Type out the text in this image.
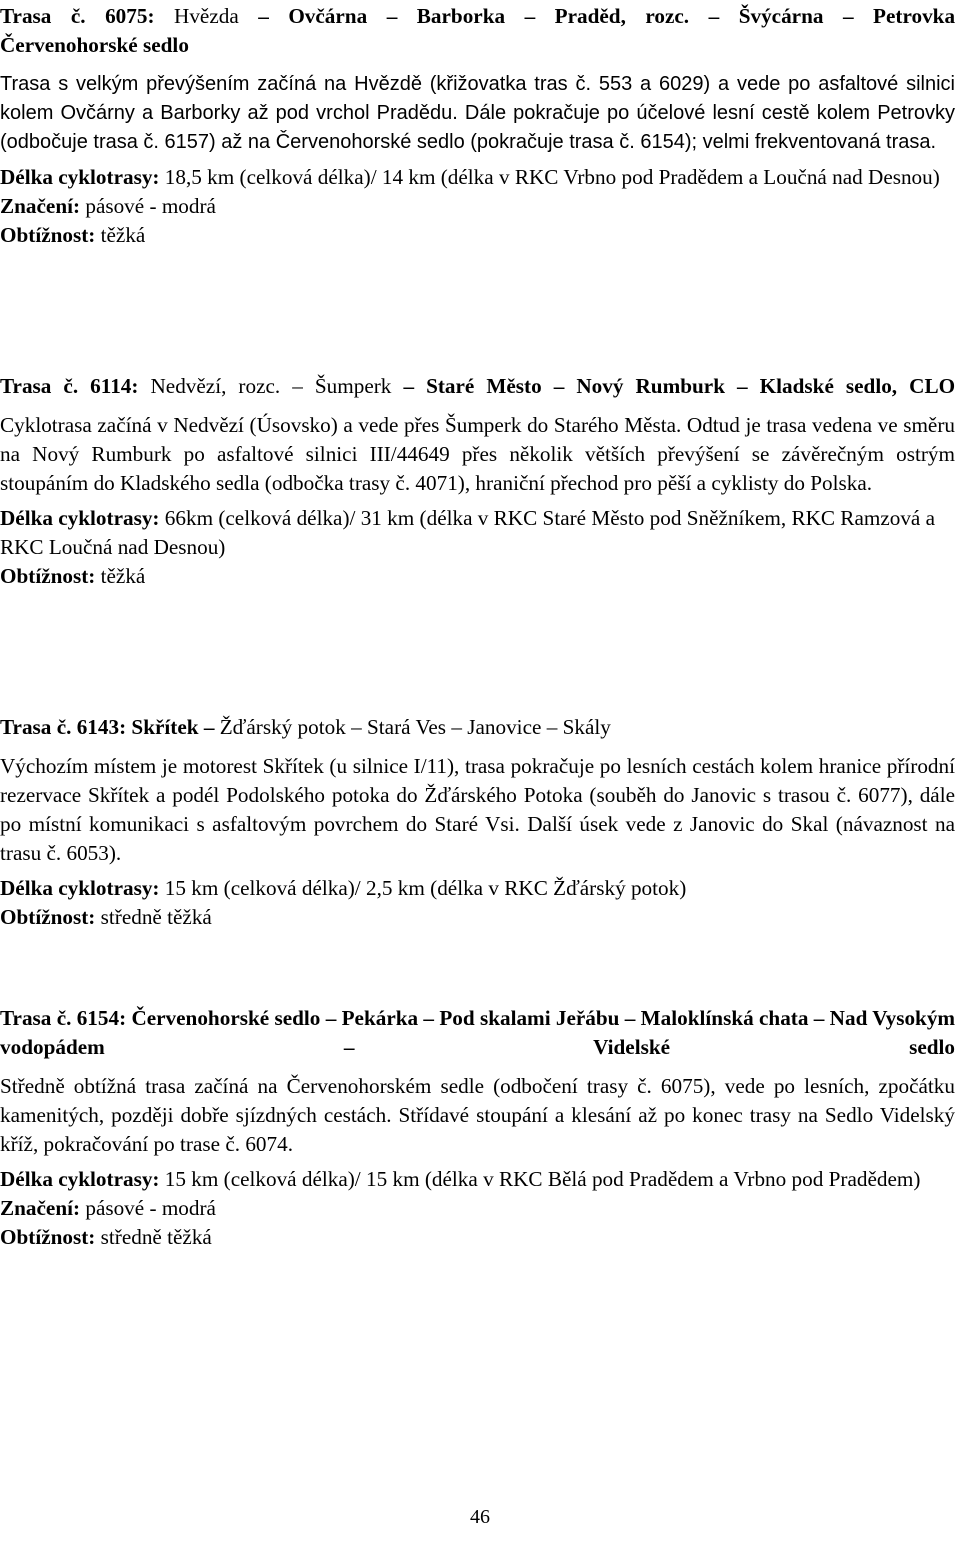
Trasa č. 6075: Hvězda – Ovčárna – Barborka – Praděd, rozc. – Švýcárna – Petrovka

Červenohorské sedlo

Trasa s velkým převýšením začíná na Hvězdě (křižovatka tras č. 553 a 6029) a vede po asfaltové silnici kolem Ovčárny a Barborky až pod vrchol Pradědu. Dále pokračuje po účelové lesní cestě kolem Petrovky (odbočuje trasa č. 6157) až na Červenohorské sedlo (pokračuje trasa č. 6154); velmi frekventovaná trasa.

Délka cyklotrasy: 18,5 km (celková délka)/ 14 km (délka v RKC Vrbno pod Pradědem a Loučná nad Desnou)

Značení: pásové - modrá

Obtížnost: těžká

Trasa č. 6114: Nedvězí, rozc. – Šumperk – Staré Město – Nový Rumburk – Kladské sedlo, CLO

Cyklotrasa začíná v Nedvězí (Úsovsko) a vede přes Šumperk do Starého Města. Odtud je trasa vedena ve směru na Nový Rumburk po asfaltové silnici III/44649 přes několik větších převýšení se závěrečným ostrým stoupáním do Kladského sedla (odbočka trasy č. 4071), hraniční přechod pro pěší a cyklisty do Polska.

Délka cyklotrasy: 66km (celková délka)/ 31 km (délka v RKC Staré Město pod Sněžníkem, RKC Ramzová a RKC Loučná nad Desnou)

Obtížnost: těžká

Trasa č. 6143: Skřítek – Žďárský potok – Stará Ves – Janovice – Skály

Výchozím místem je motorest Skřítek (u silnice I/11), trasa pokračuje po lesních cestách kolem hranice přírodní rezervace Skřítek a podél Podolského potoka do Žďárského Potoka (souběh do Janovic s trasou č. 6077), dále po místní komunikaci s asfaltovým povrchem do Staré Vsi. Další úsek vede z Janovic do Skal (návaznost na trasu č. 6053).

Délka cyklotrasy: 15 km (celková délka)/ 2,5 km (délka v RKC Žďárský potok)

Obtížnost: středně těžká

Trasa č. 6154: Červenohorské sedlo – Pekárka – Pod skalami Jeřábu – Maloklínská chata – Nad Vysokým vodopádem	–	Videlské sedlo

Středně obtížná trasa začíná na Červenohorském sedle (odbočení trasy č. 6075), vede po lesních, zpočátku kamenitých, později dobře sjízdných cestách. Střídavé stoupání a klesání až po konec trasy na Sedlo Videlský kříž, pokračování po trase č. 6074.

Délka cyklotrasy: 15 km (celková délka)/ 15 km (délka v RKC Bělá pod Pradědem a Vrbno pod Pradědem)

Značení: pásové - modrá

Obtížnost: středně těžká

46
